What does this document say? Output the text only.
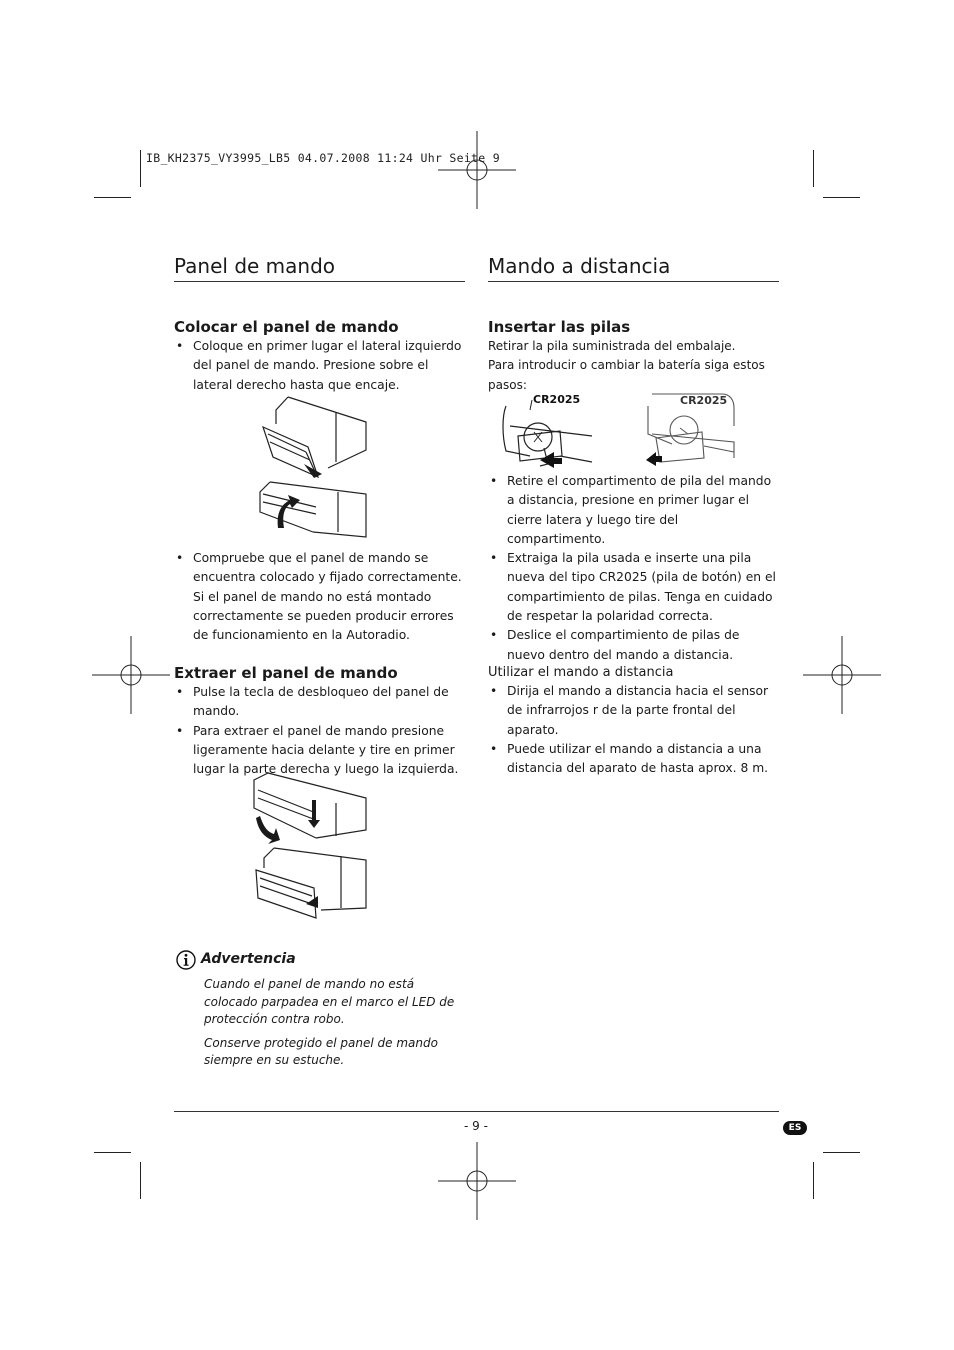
IB_KH2375_VY3995_LB5 04.07.2008 11:24 Uhr Seite 9
Panel de mando	Mando a distancia
Colocar el panel de mando
• Coloque en primer lugar el lateral izquierdo del panel de mando. Presione sobre el lateral derecho hasta que encaje.
• Compruebe que el panel de mando se encuentra colocado y fijado correctamente. Si el panel de mando no está montado correctamente se pueden producir errores de funcionamiento en la Autoradio.
Extraer el panel de mando
• Pulse la tecla de desbloqueo del panel de mando.
• Para extraer el panel de mando presione ligeramente hacia delante y tire en primer lugar la parte derecha y luego la izquierda.
Advertencia

Cuando el panel de mando no está colocado parpadea en el marco el LED de protección contra robo.

Conserve protegido el panel de mando siempre en su estuche.

Insertar las pilas

Retirar la pila suministrada del embalaje.

Para introducir o cambiar la batería siga estos pasos:

CR2025	CR2025
• Retire el compartimento de pila del mando a distancia, presione en primer lugar el cierre latera y luego tire del compartimento.
• Extraiga la pila usada e inserte una pila nueva del tipo CR2025 (pila de botón) en el compartimiento de pilas. Tenga en cuidado de respetar la polaridad correcta.
• Deslice el compartimiento de pilas de nuevo dentro del mando a distancia.
Utilizar el mando a distancia
• Dirija el mando a distancia hacia el sensor de infrarrojos r de la parte frontal del aparato.
• Puede utilizar el mando a distancia a una distancia del aparato de hasta aprox. 8 m.
- 9 -	ES
